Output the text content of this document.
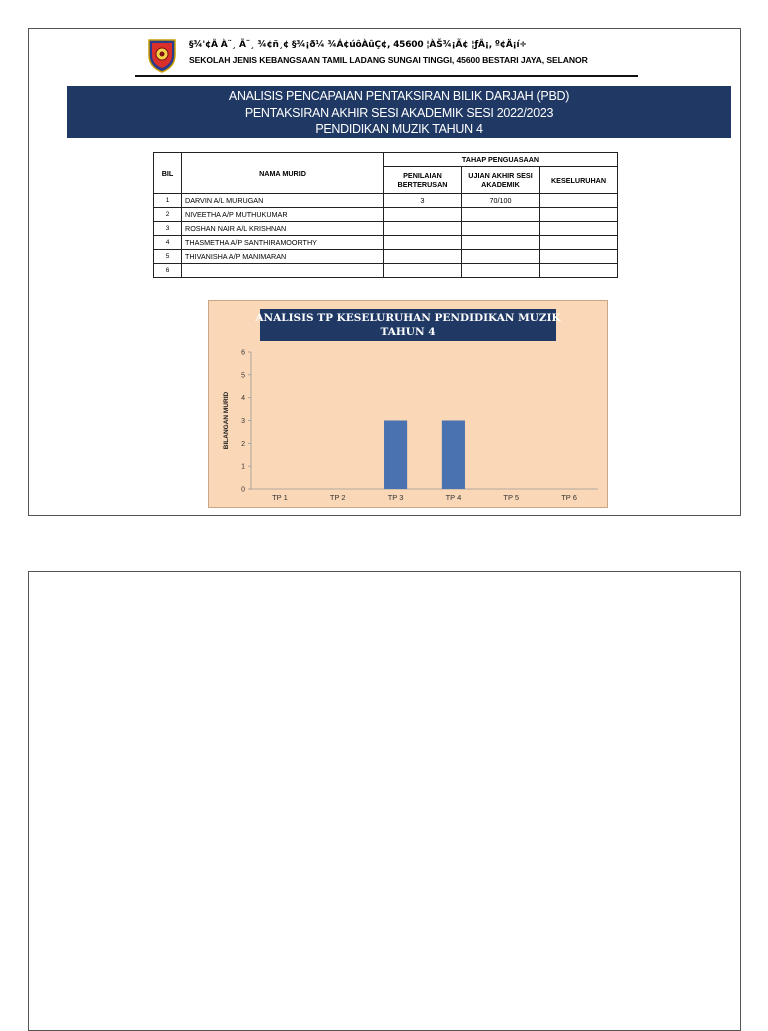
§¾'¢Â À¨¸ Ã¨¸ ¾¢ñ¸¢ §¾¡ð¼ ¾Á¢úôÀûÇ¢, 45600 ¦ÀŠ¾¡Ã¢ ¦ƒÂ¡, º¢Ä¡í÷
SEKOLAH JENIS KEBANGSAAN TAMIL LADANG SUNGAI TINGGI, 45600 BESTARI JAYA, SELANOR
ANALISIS PENCAPAIAN PENTAKSIRAN BILIK DARJAH (PBD)
PENTAKSIRAN AKHIR SESI AKADEMIK SESI 2022/2023
PENDIDIKAN MUZIK TAHUN 4
BIL	NAMA MURID	TAHAP PENGUASAAN		
		PENILAIAN BERTERUSAN	UJIAN AKHIR SESI AKADEMIK	KESELURUHAN
1	DARVIN A/L MURUGAN	3	70/100	
2	NIVEETHA A/P MUTHUKUMAR			
3	ROSHAN NAIR A/L KRISHNAN			
4	THASMETHA A/P SANTHIRAMOORTHY			
5	THIVANISHA A/P MANIMARAN			
6				
ANALISIS TP KESELURUHAN PENDIDIKAN MUZIK
TAHUN 4
BILANGAN MURID
0
1
2
3
4
5
6
TP 1	TP 2	TP 3	TP 4	TP 5	TP 6
